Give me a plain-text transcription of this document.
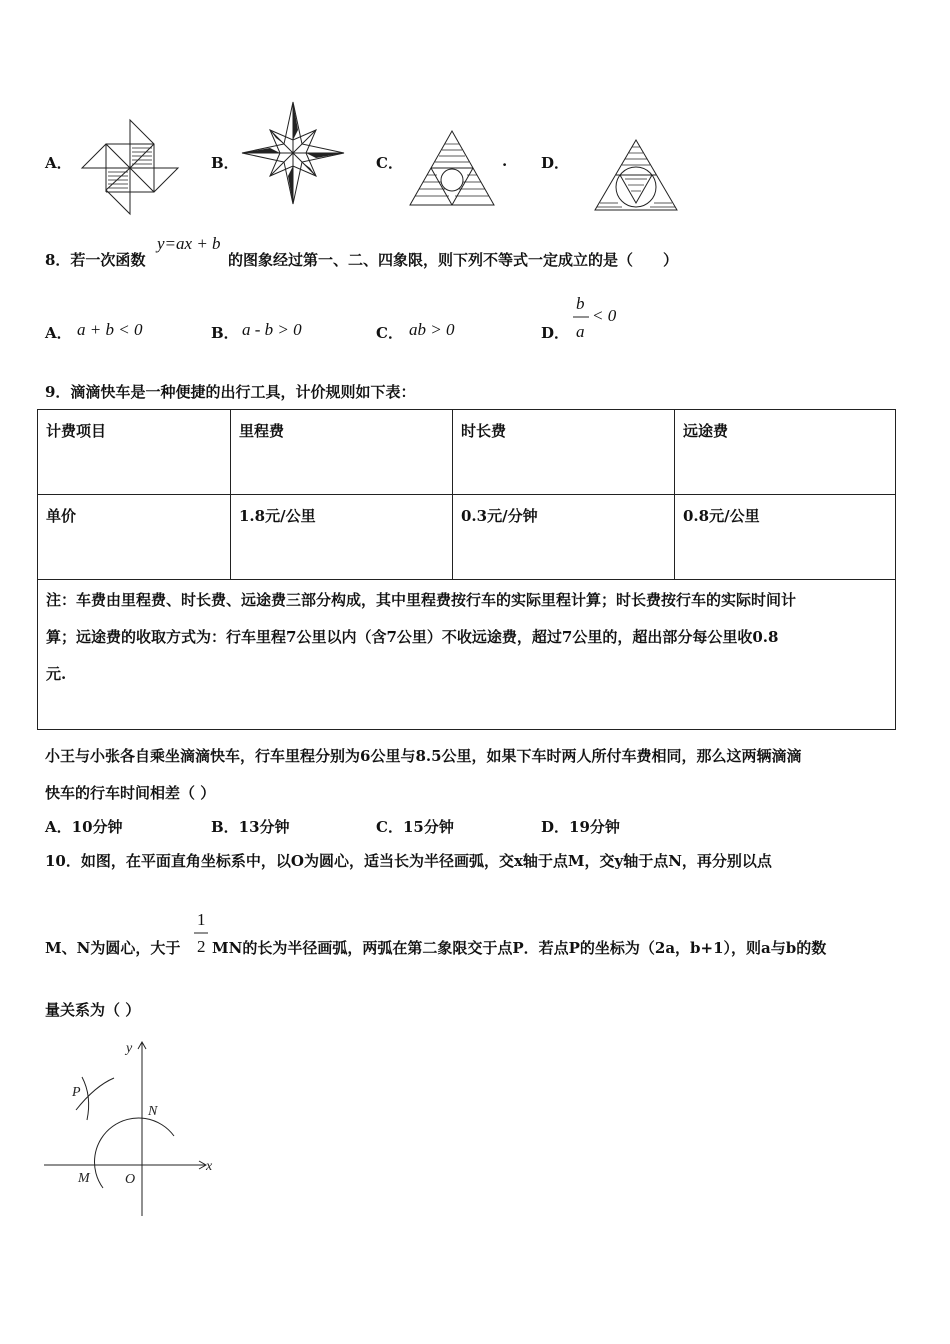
A．	B．	C．	. D．
8．若一次函数
y=ax + b
的图象经过第一、二、四象限，则下列不等式一定成立的是（　　）
A． a + b < 0	B． a - b > 0	C． ab > 0	D．
b
a
< 0
9．滴滴快车是一种便捷的出行工具，计价规则如下表：
计费项目	里程费	时长费	远途费
单价	1.8元/公里	0.3元/分钟	0.8元/公里

注：车费由里程费、时长费、远途费三部分构成，其中里程费按行车的实际里程计算；时长费按行车的实际时间计
算；远途费的收取方式为：行车里程7公里以内（含7公里）不收远途费，超过7公里的，超出部分每公里收0.8
元.			
小王与小张各自乘坐滴滴快车，行车里程分别为6公里与8.5公里，如果下车时两人所付车费相同，那么这两辆滴滴
快车的行车时间相差（ ）
A．10分钟	B．13分钟	C．15分钟	D．19分钟
10．如图，在平面直角坐标系中，以O为圆心，适当长为半径画弧，交x轴于点M，交y轴于点N，再分别以点
M、N为圆心，大于
1
2 MN的长为半径画弧，两弧在第二象限交于点P．若点P的坐标为（2a，b+1），则a与b的数
量关系为（ ）
y
x
P
N
M	O
